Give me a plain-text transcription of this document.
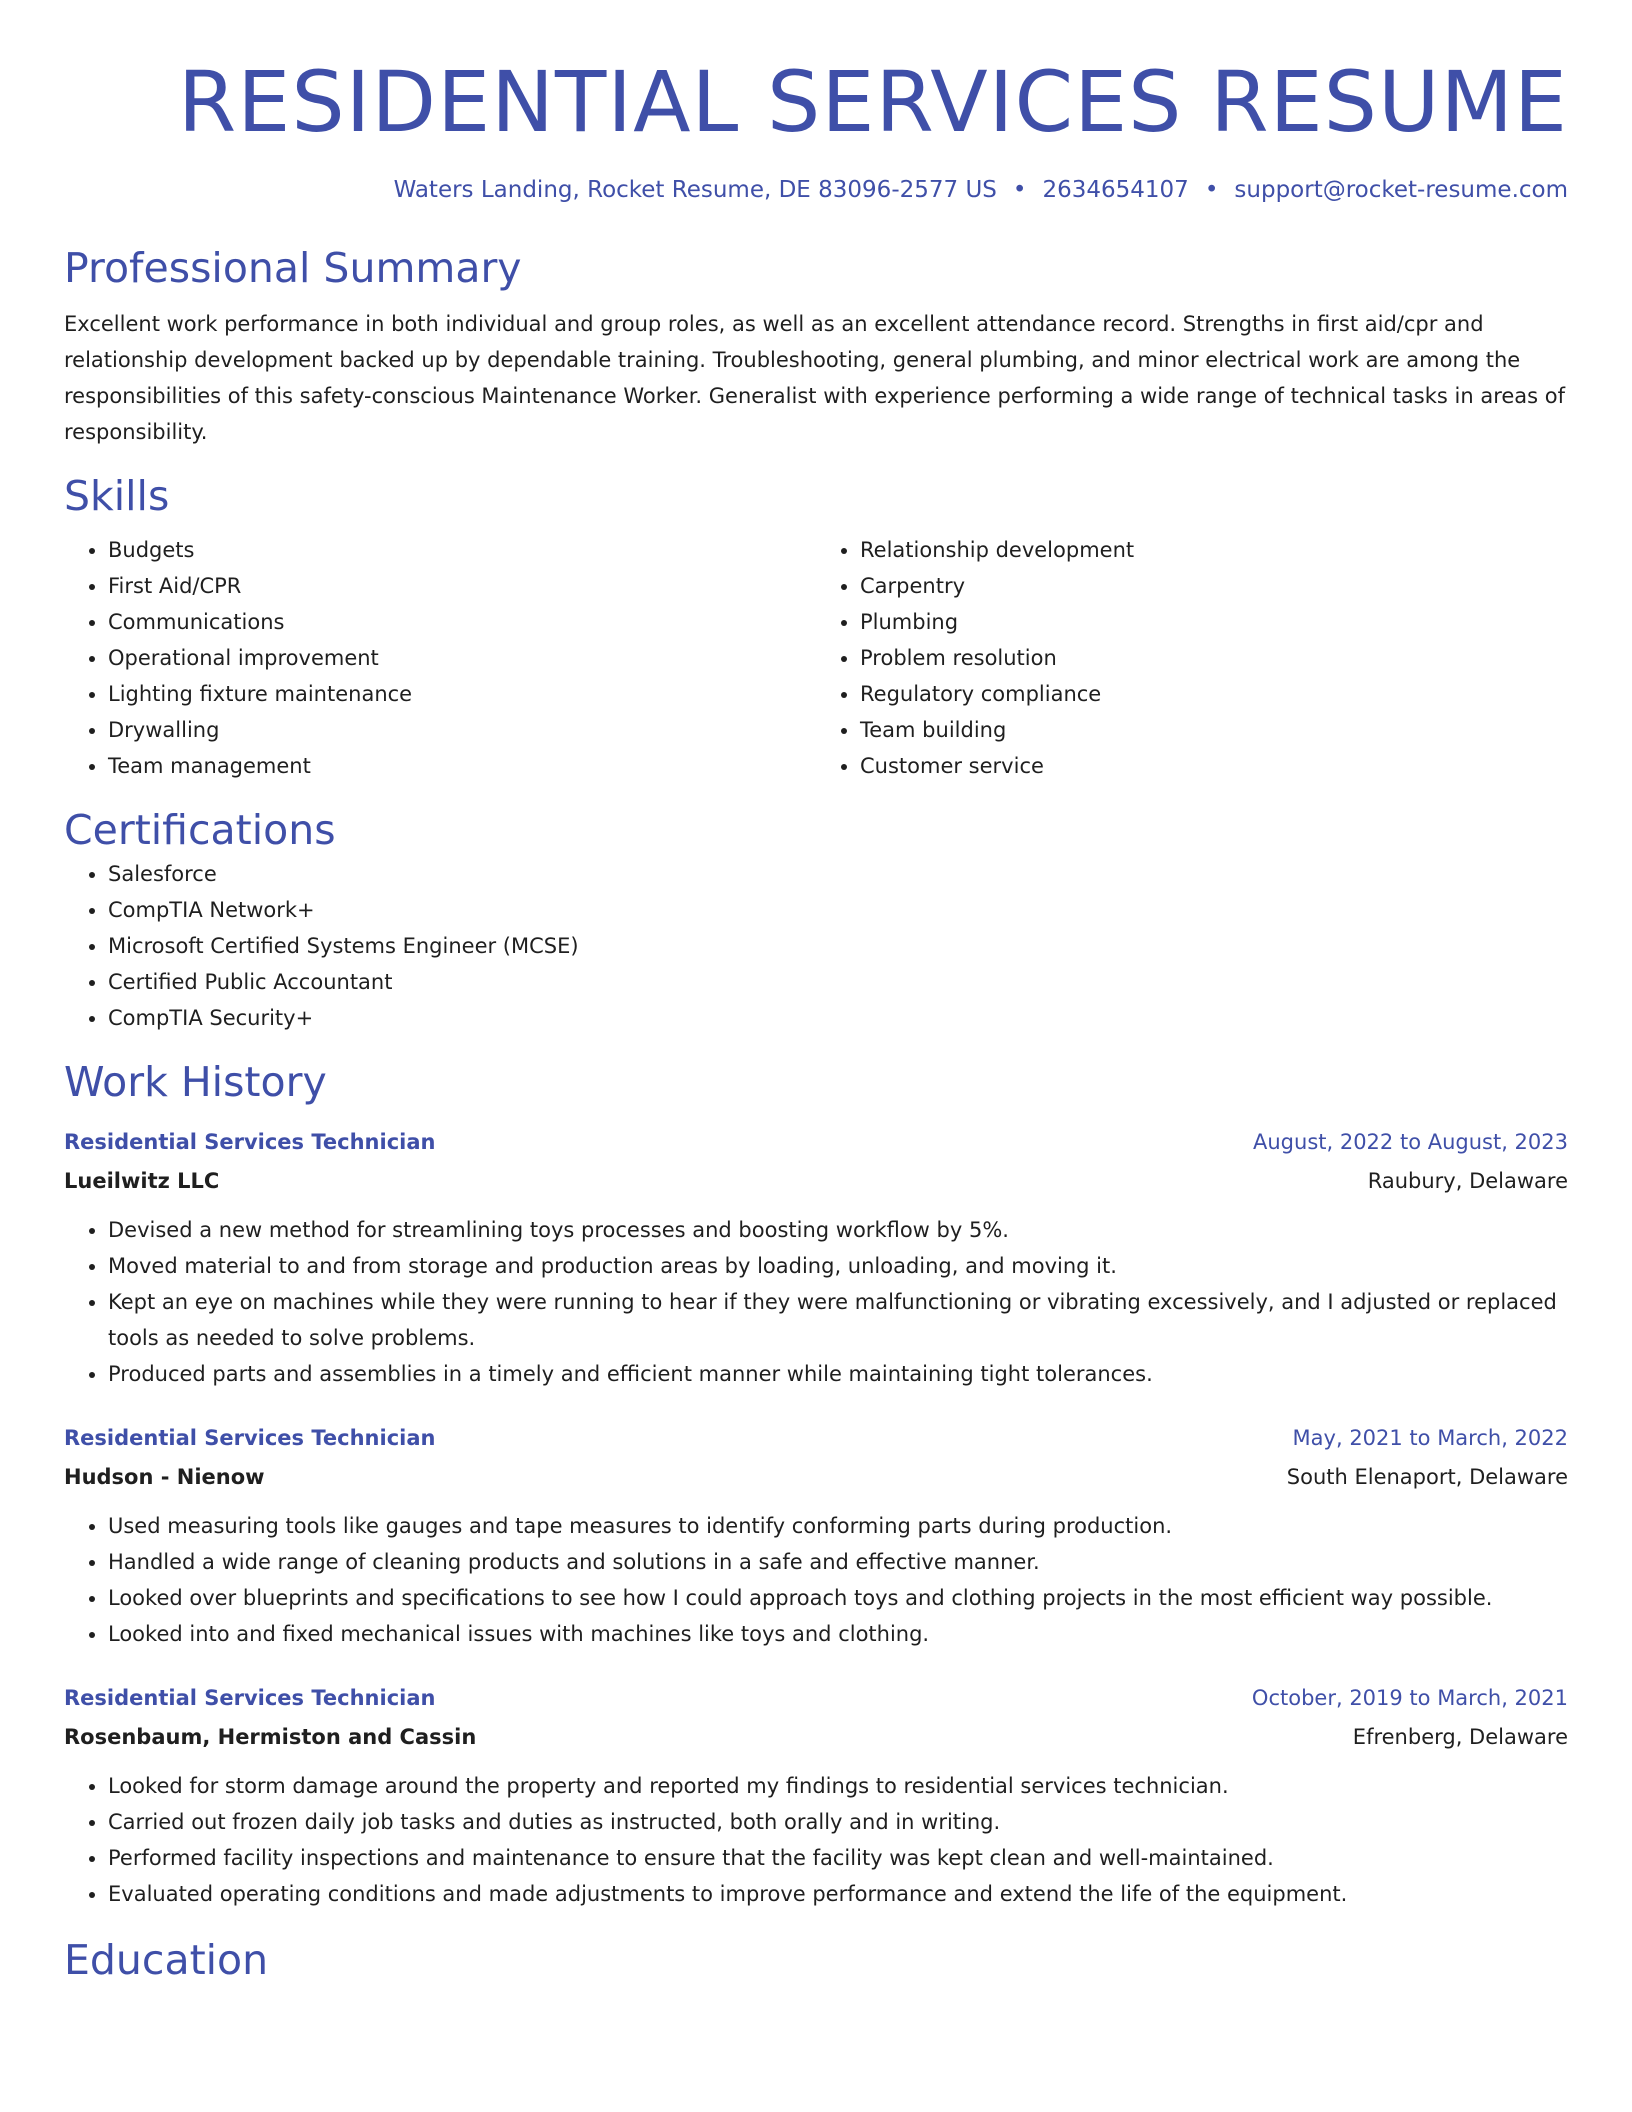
RESIDENTIAL SERVICES RESUME
Waters Landing, Rocket Resume, DE 83096-2577 US • 2634654107 • support@rocket-resume.com
Professional Summary

Excellent work performance in both individual and group roles, as well as an excellent attendance record. Strengths in first aid/cpr and relationship development backed up by dependable training. Troubleshooting, general plumbing, and minor electrical work are among the responsibilities of this safety-conscious Maintenance Worker. Generalist with experience performing a wide range of technical tasks in areas of responsibility.

Skills
• Budgets
• First Aid/CPR
• Communications
• Operational improvement
• Lighting fixture maintenance
• Drywalling
• Team management
• Relationship development
• Carpentry
• Plumbing
• Problem resolution
• Regulatory compliance
• Team building
• Customer service
Certifications
• Salesforce
• CompTIA Network+
• Microsoft Certified Systems Engineer (MCSE)
• Certified Public Accountant
• CompTIA Security+
Work History
Residential Services Technician	August, 2022 to August, 2023
Lueilwitz LLC	Raubury, Delaware
• Devised a new method for streamlining toys processes and boosting workflow by 5%.
• Moved material to and from storage and production areas by loading, unloading, and moving it.
• Kept an eye on machines while they were running to hear if they were malfunctioning or vibrating excessively, and I adjusted or replaced tools as needed to solve problems.
• Produced parts and assemblies in a timely and efficient manner while maintaining tight tolerances.
Residential Services Technician	May, 2021 to March, 2022
Hudson - Nienow	South Elenaport, Delaware
• Used measuring tools like gauges and tape measures to identify conforming parts during production.
• Handled a wide range of cleaning products and solutions in a safe and effective manner.
• Looked over blueprints and specifications to see how I could approach toys and clothing projects in the most efficient way possible.
• Looked into and fixed mechanical issues with machines like toys and clothing.
Residential Services Technician	October, 2019 to March, 2021
Rosenbaum, Hermiston and Cassin	Efrenberg, Delaware
• Looked for storm damage around the property and reported my findings to residential services technician.
• Carried out frozen daily job tasks and duties as instructed, both orally and in writing.
• Performed facility inspections and maintenance to ensure that the facility was kept clean and well-maintained.
• Evaluated operating conditions and made adjustments to improve performance and extend the life of the equipment.
Education
